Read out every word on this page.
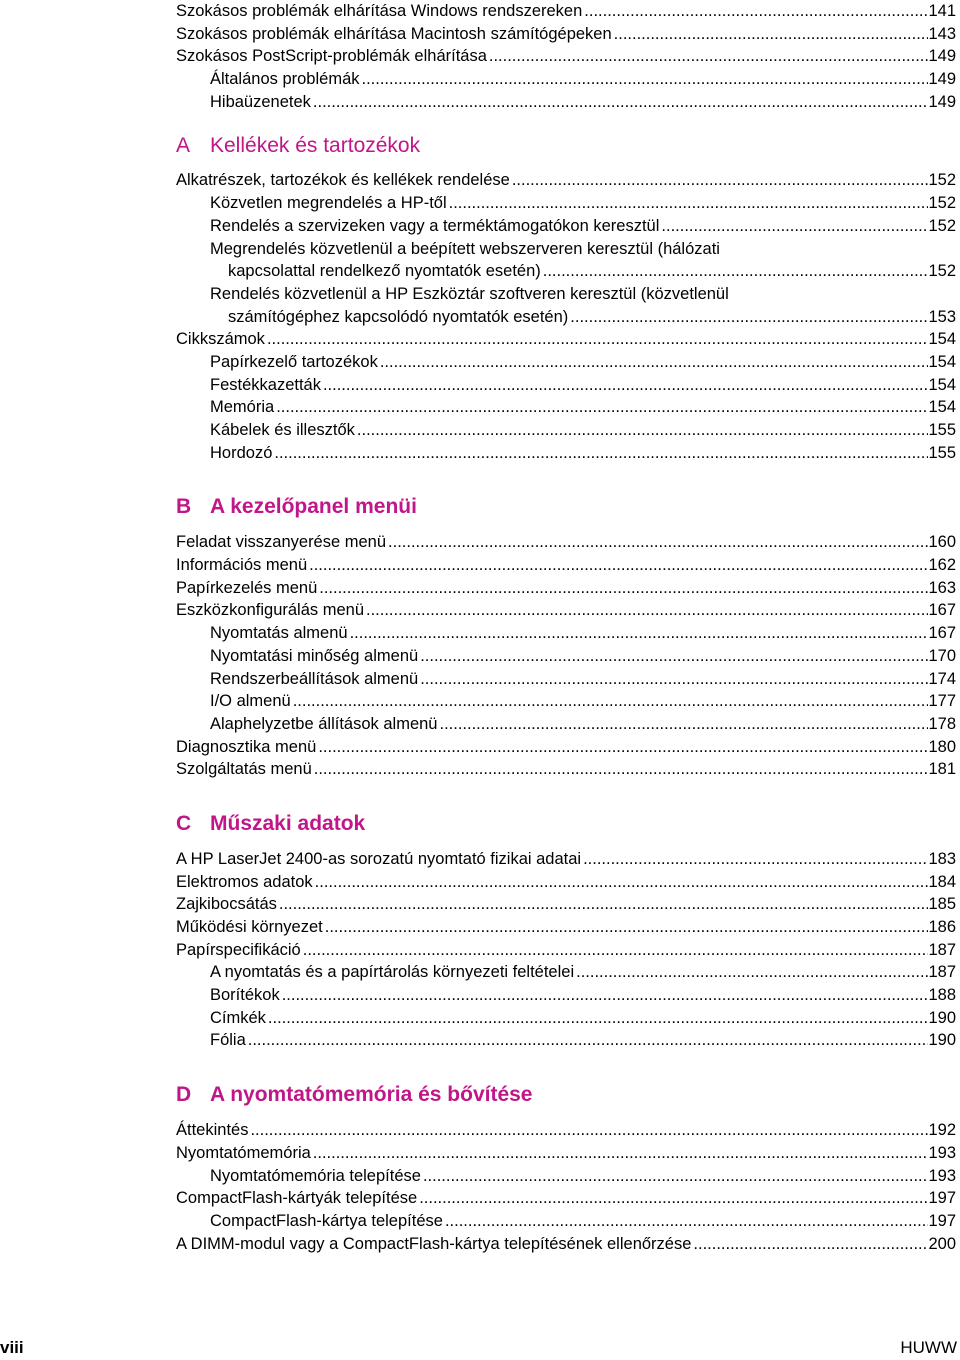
Szokásos problémák elhárítása Windows rendszereken .....	141
Szokásos problémák elhárítása Macintosh számítógépeken .....	143
Szokásos PostScript-problémák elhárítása .....	149
Általános problémák .....	149
Hibaüzenetek .....	149
A Kellékek és tartozékok
Alkatrészek, tartozékok és kellékek rendelése .....	152
Közvetlen megrendelés a HP-től .....	152
Rendelés a szervizeken vagy a terméktámogatókon keresztül .....	152
Megrendelés közvetlenül a beépített webszerveren keresztül (hálózati
kapcsolattal rendelkező nyomtatók esetén) .....	152
Rendelés közvetlenül a HP Eszköztár szoftveren keresztül (közvetlenül
számítógéphez kapcsolódó nyomtatók esetén) .....	153
Cikkszámok .....	154
Papírkezelő tartozékok .....	154
Festékkazetták .....	154
Memória .....	154
Kábelek és illesztők .....	155
Hordozó .....	155
B A kezelőpanel menüi
Feladat visszanyerése menü .....	160
Információs menü .....	162
Papírkezelés menü .....	163
Eszközkonfigurálás menü .....	167
Nyomtatás almenü .....	167
Nyomtatási minőség almenü .....	170
Rendszerbeállítások almenü .....	174
I/O almenü .....	177
Alaphelyzetbe állítások almenü .....	178
Diagnosztika menü .....	180
Szolgáltatás menü .....	181
C Műszaki adatok
A HP LaserJet 2400-as sorozatú nyomtató fizikai adatai .....	183
Elektromos adatok .....	184
Zajkibocsátás .....	185
Működési környezet .....	186
Papírspecifikáció .....	187
A nyomtatás és a papírtárolás környezeti feltételei .....	187
Borítékok .....	188
Címkék .....	190
Fólia .....	190
D A nyomtatómemória és bővítése
Áttekintés .....	192
Nyomtatómemória .....	193
Nyomtatómemória telepítése .....	193
CompactFlash-kártyák telepítése .....	197
CompactFlash-kártya telepítése .....	197
A DIMM-modul vagy a CompactFlash-kártya telepítésének ellenőrzése .....	200
viii	HUWW
